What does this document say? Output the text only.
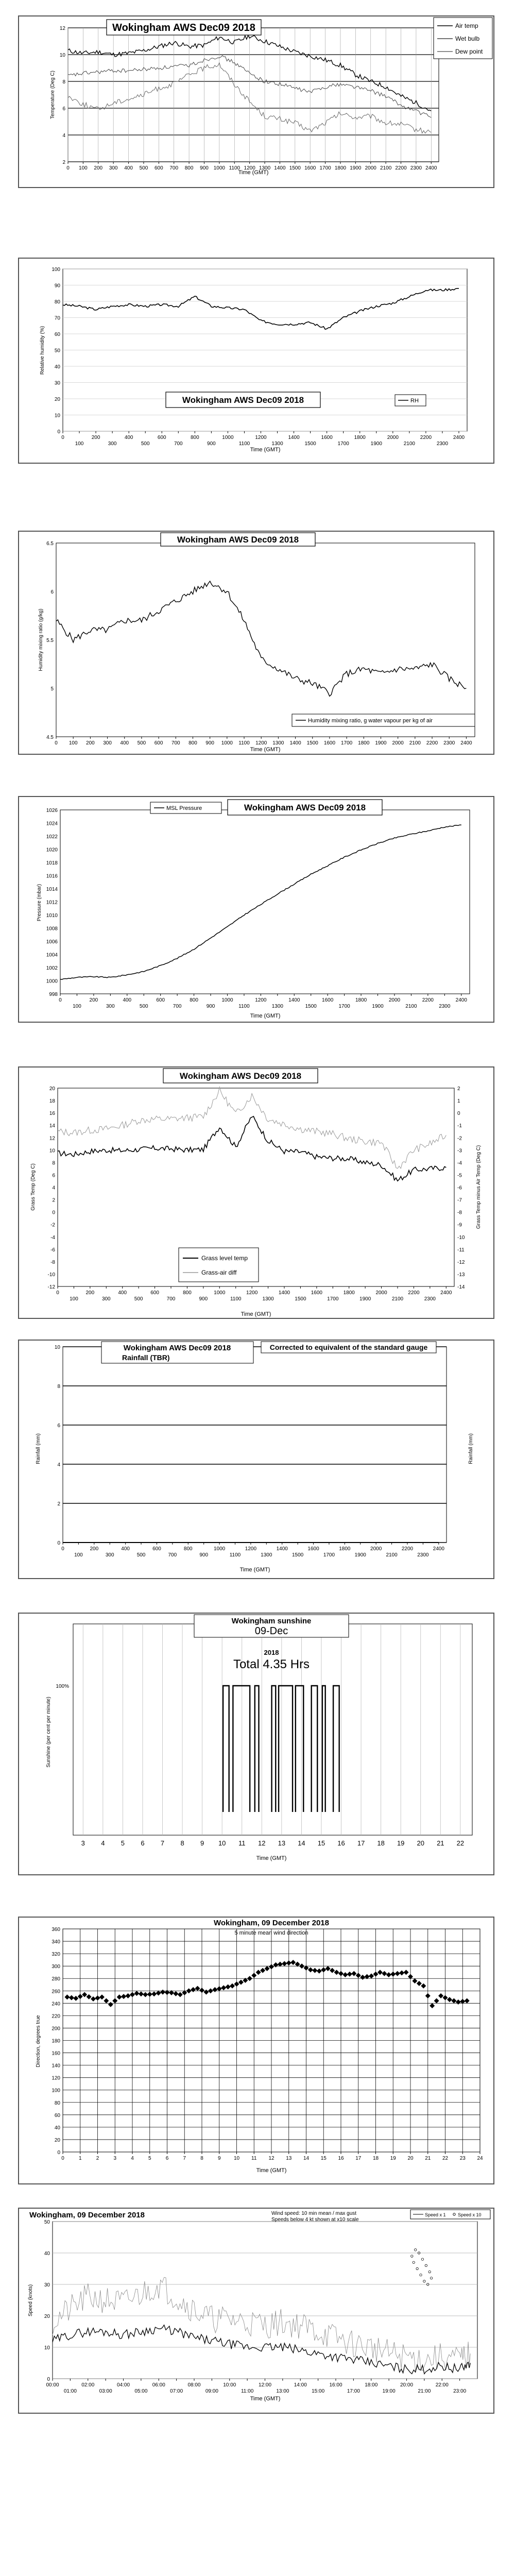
2
4
6
8
10
12
0 100 200 300 400 500 600 700 800 900 1000 1100 1200 1300 1400 1500 1600 1700 1800 1900 2000 2100 2200 2300 2400
Time (GMT)
Temperature (Deg C)
Wokingham AWS Dec09 2018	Air temp
Wet bulb
Dew point
0
10
20
30
40
50
60
70
80
90
100
0	200	400	600	800	1000	1200	1400	1600	1800	2000	2200	2400
100	300	500	700	900	1100	1300	1500	1700	1900	2100	2300
Time (GMT)
Relative humidity (%)
Wokingham AWS Dec09 2018	RH
4.5
5
5.5
6
6.5
0 100 200 300 400 500 600 700 800 900 1000 1100 1200 1300 1400 1500 1600 1700 1800 1900 2000 2100 2200 2300 2400
Time (GMT)
Humidity mixing ratio (g/kg)
Wokingham AWS Dec09 2018
Humidity mixing ratio, g water vapour per kg of air
998
1000
1002
1004
1006
1008
1010
1012
1014
1016
1018
1020
1022
1024
1026
0	200	400	600	800	1000	1200	1400	1600	1800	2000	2200	2400
100	300	500	700	900	1100	1300	1500	1700	1900	2100	2300
Time (GMT)
Pressure (mbar)
Wokingham AWS Dec09 2018
MSL Pressure
-12
-10
-8
-6
-4
-2
0
2
4
6
8
10
12
14
16
18
20
0	200	400	600	800	1000	1200	1400	1600	1800	2000	2200	2400
100	300	500	700	900	1100	1300	1500	1700	1900	2100	2300
-14
-13
-12
-11
-10
-9
-8
-7
-6
-5
-4
-3
-2
-1
0
1
2
Time (GMT)
Grass Temp (Deg C)	Grass Temp minus Air Temp (Deg C)
Wokingham AWS Dec09 2018
Grass level temp
Grass-air diff
0
2
4
6
8
10
0	200	400	600	800	1000	1200	1400	1600	1800	2000	2200	2400
100	300	500	700	900	1100	1300	1500	1700	1900	2100	2300
Time (GMT)
Rainfall (mm)	Rainfall (mm)
Wokingham AWS Dec09 2018
Rainfall (TBR)
Corrected to equivalent of the standard gauge
3 4 5 6 7 8 9 10 11 12 13 14 15 16 17 18 19 20 21 22
100%
Time (GMT)
Sunshine (per cent per minute)
Wokingham sunshine
09-Dec
2018
Total 4.35 Hrs
0
20
40
60
80
100
120
140
160
180
200
220
240
260
280
300
320
340
360
0	1	2	3	4	5	6	7	8	9	10 11 12 13 14 15 16 17 18 19 20 21 22 23 24
Time (GMT)
Direction, degrees true
Wokingham, 09 December 2018
5 minute mean wind direction
0
10
20
30
40
50
00:00	02:00	04:00	06:00	08:00	10:00	12:00	14:00	16:00	18:00	20:00	22:00
01:00	03:00	05:00	07:00	09:00	11:00	13:00	15:00	17:00	19:00	21:00	23:00
Time (GMT)
Speed (knots)
Wokingham, 09 December 2018	Wind speed: 10 min mean / max gust
Speeds below 4 kt shown at x10 scale
Speed x 1	Speed x 10
